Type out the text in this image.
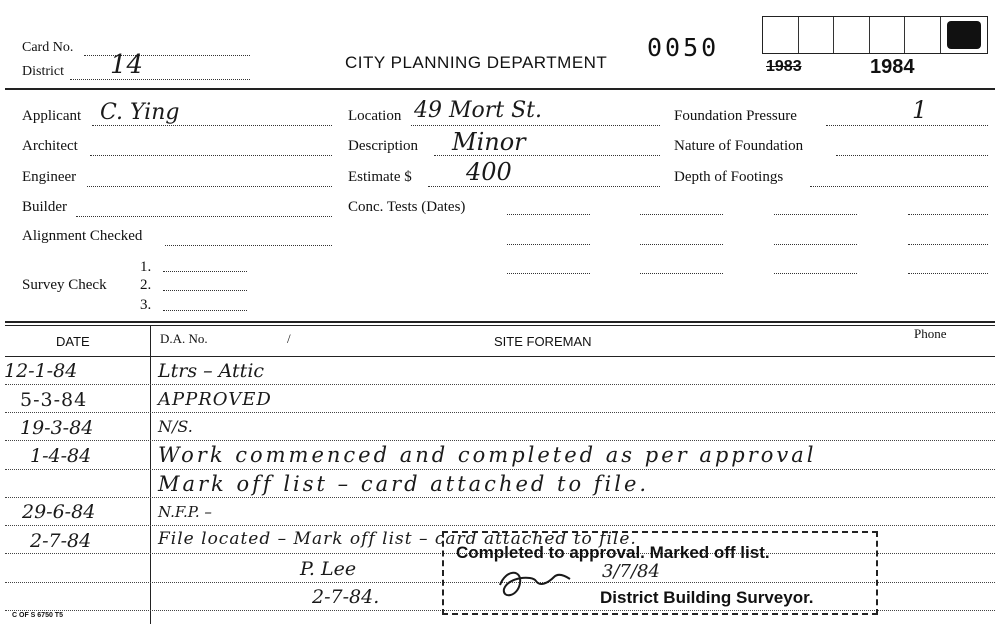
Card No.
District 14	CITY PLANNING DEPARTMENT
0050
1983	1984
Applicant C. Ying
Architect
Engineer
Builder
Alignment Checked
Survey Check
1.
2.
3.
Location 49 Mort St.
Description Minor
Estimate $ 400
Conc. Tests (Dates)
Foundation Pressure	1
Nature of Foundation
Depth of Footings
DATE	D.A. No.	/	SITE FOREMAN
Phone
12-1-84	Ltrs – Attic
5-3-84	APPROVED
19-3-84	N/S.
1-4-84	Work commenced and completed as per approval
Mark off list – card attached to file.
29-6-84	N.F.P. –
2-7-84	File located – Mark off list – card attached to file.
P. Lee
2-7-84.
Completed to approval. Marked off list.
3/7/84
District Building Surveyor.
C OF S 6750 T5
